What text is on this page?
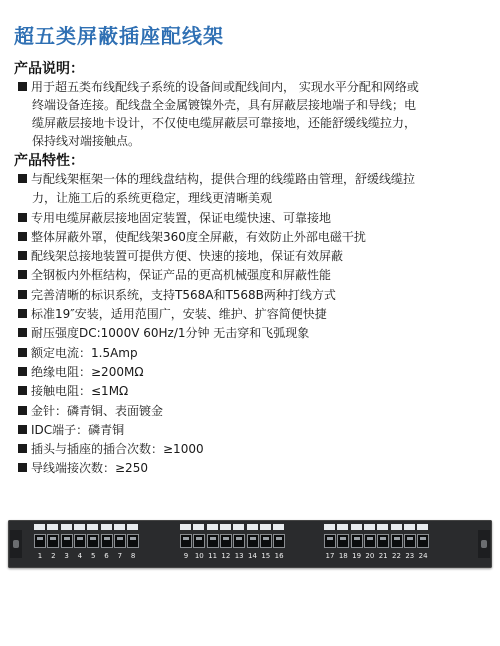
超五类屏蔽插座配线架
产品说明：
用于超五类布线配线子系统的设备间或配线间内， 实现水平分配和网络或
终端设备连接。配线盘全金属镀镍外壳，具有屏蔽层接地端子和导线；电
缆屏蔽层接地卡设计，不仅使电缆屏蔽层可靠接地，还能舒缓线缆拉力，
保持线对端接触点。
产品特性：
与配线架框架一体的理线盘结构，提供合理的线缆路由管理，舒缓线缆拉
力，让施工后的系统更稳定，理线更清晰美观
专用电缆屏蔽层接地固定装置，保证电缆快速、可靠接地
整体屏蔽外罩，使配线架360度全屏蔽，有效防止外部电磁干扰
配线架总接地装置可提供方便、快速的接地，保证有效屏蔽
全钢板内外框结构，保证产品的更高机械强度和屏蔽性能
完善清晰的标识系统，支持T568A和T568B两种打线方式
标准19″安装，适用范围广，安装、维护、扩容简便快捷
耐压强度DC:1000V 60Hz/1分钟 无击穿和飞弧现象
额定电流：1.5Amp
绝缘电阻：≥200MΩ
接触电阻：≤1MΩ
金针：磷青铜、表面镀金
IDC端子：磷青铜
插头与插座的插合次数：≥1000
导线端接次数：≥250
1	2	3	4	5	6	7	8	9 10 11 12 13 14 15 16	17 18 19 20 21 22 23 24
